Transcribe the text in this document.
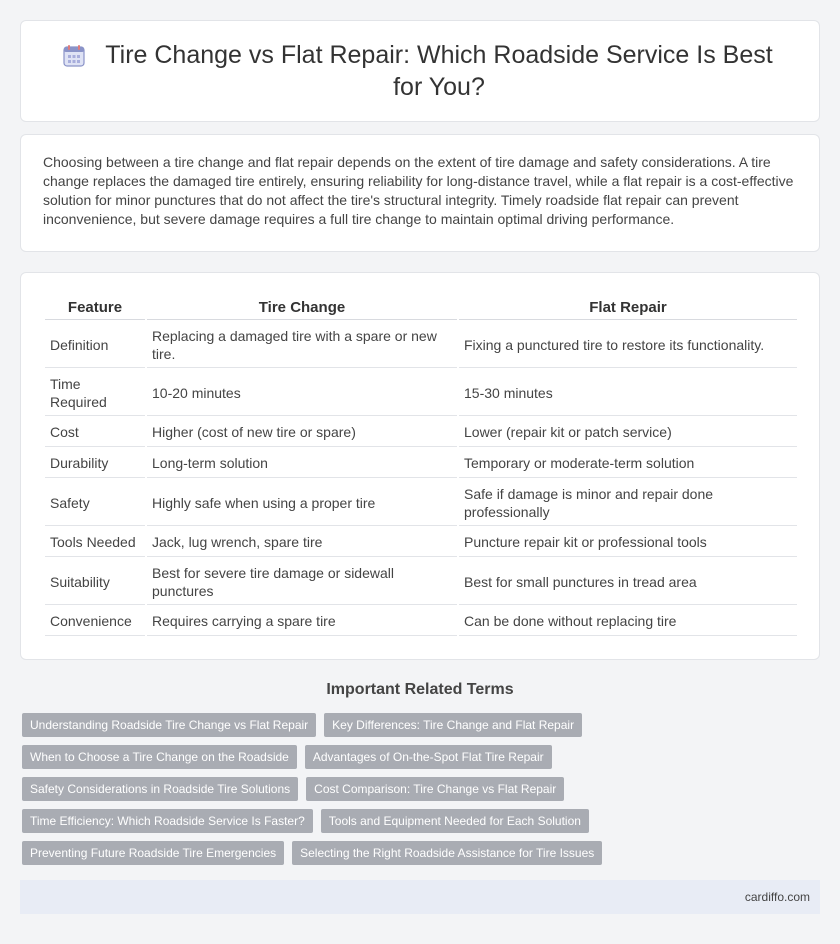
Tire Change vs Flat Repair: Which Roadside Service Is Best for You?

Choosing between a tire change and flat repair depends on the extent of tire damage and safety considerations. A tire change replaces the damaged tire entirely, ensuring reliability for long-distance travel, while a flat repair is a cost-effective solution for minor punctures that do not affect the tire's structural integrity. Timely roadside flat repair can prevent inconvenience, but severe damage requires a full tire change to maintain optimal driving performance.

Feature	Tire Change	Flat Repair
Definition	Replacing a damaged tire with a spare or new tire.	Fixing a punctured tire to restore its functionality.
Time Required	10-20 minutes	15-30 minutes
Cost	Higher (cost of new tire or spare)	Lower (repair kit or patch service)
Durability	Long-term solution	Temporary or moderate-term solution
Safety	Highly safe when using a proper tire	Safe if damage is minor and repair done professionally
Tools Needed	Jack, lug wrench, spare tire	Puncture repair kit or professional tools
Suitability	Best for severe tire damage or sidewall punctures	Best for small punctures in tread area
Convenience	Requires carrying a spare tire	Can be done without replacing tire
Important Related Terms
Understanding Roadside Tire Change vs Flat Repair	Key Differences: Tire Change and Flat Repair
When to Choose a Tire Change on the Roadside	Advantages of On-the-Spot Flat Tire Repair
Safety Considerations in Roadside Tire Solutions	Cost Comparison: Tire Change vs Flat Repair
Time Efficiency: Which Roadside Service Is Faster?	Tools and Equipment Needed for Each Solution
Preventing Future Roadside Tire Emergencies	Selecting the Right Roadside Assistance for Tire Issues
cardiffo.com
